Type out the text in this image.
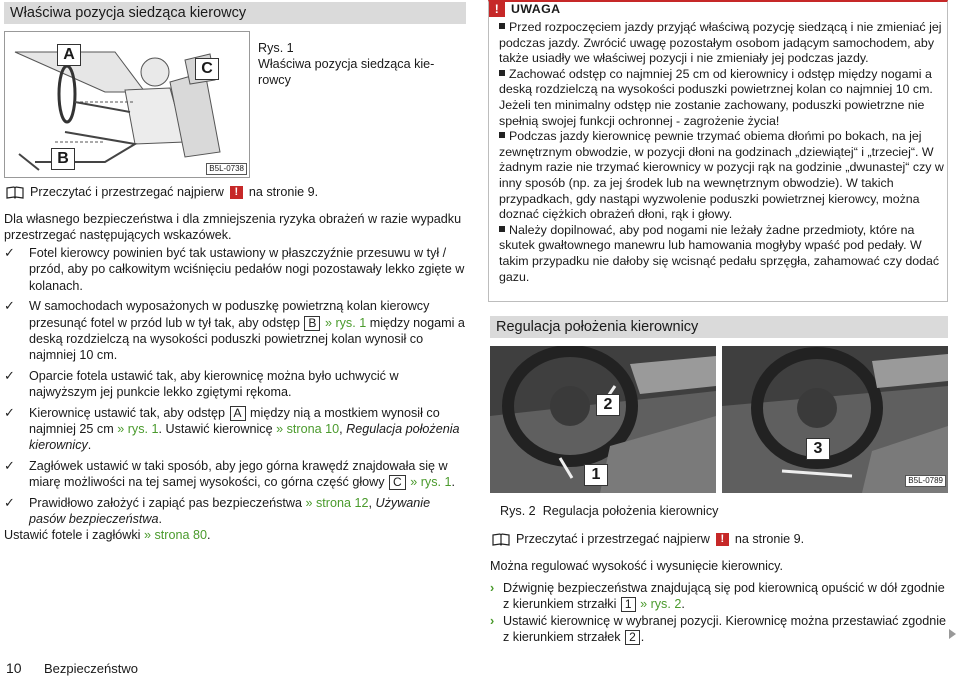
Właściwa pozycja siedząca kierowcy
A
C
B
B5L-0738
Rys. 1
Właściwa pozycja siedząca kie-rowcy
Przeczytać i przestrzegać najpierw ! na stronie 9.
Dla własnego bezpieczeństwa i dla zmniejszenia ryzyka obrażeń w razie wypadku przestrzegać następujących wskazówek.
✓ Fotel kierowcy powinien być tak ustawiony w płaszczyźnie przesuwu w tył / przód, aby po całkowitym wciśnięciu pedałów nogi pozostawały lekko zgięte w kolanach.
✓ W samochodach wyposażonych w poduszkę powietrzną kolan kierowcy przesunąć fotel w przód lub w tył tak, aby odstęp B » rys. 1 między nogami a deską rozdzielczą na wysokości poduszki powietrznej kolan wynosił co najmniej 10 cm.
✓ Oparcie fotela ustawić tak, aby kierownicę można było uchwycić w najwyższym jej punkcie lekko zgiętymi rękoma.
✓ Kierownicę ustawić tak, aby odstęp A między nią a mostkiem wynosił co najmniej 25 cm » rys. 1. Ustawić kierownicę » strona 10, Regulacja położenia kierownicy.
✓ Zagłówek ustawić w taki sposób, aby jego górna krawędź znajdowała się w miarę możliwości na tej samej wysokości, co górna część głowy C » rys. 1.
✓ Prawidłowo założyć i zapiąć pas bezpieczeństwa » strona 12, Używanie pasów bezpieczeństwa.
Ustawić fotele i zagłówki » strona 80.
10 Bezpieczeństwo
! UWAGA

Przed rozpoczęciem jazdy przyjąć właściwą pozycję siedzącą i nie zmieniać jej podczas jazdy. Zwrócić uwagę pozostałym osobom jadącym samochodem, aby także usiadły we właściwej pozycji i nie zmieniały jej podczas jazdy.

Zachować odstęp co najmniej 25 cm od kierownicy i odstęp między nogami a deską rozdzielczą na wysokości poduszki powietrznej kolan co najmniej 10 cm. Jeżeli ten minimalny odstęp nie zostanie zachowany, poduszki powietrzne nie spełnią swojej funkcji ochronnej - zagrożenie życia!

Podczas jazdy kierownicę pewnie trzymać obiema dłońmi po bokach, na jej zewnętrznym obwodzie, w pozycji dłoni na godzinach „dziewiątej“ i „trzeciej“. W żadnym razie nie trzymać kierownicy w pozycji rąk na godzinie „dwunastej“ czy w inny sposób (np. za jej środek lub na wewnętrznym obwodzie). W takich przypadkach, gdy nastąpi wyzwolenie poduszki powietrznej kierowcy, można doznać ciężkich obrażeń dłoni, rąk i głowy.

Należy dopilnować, aby pod nogami nie leżały żadne przedmioty, które na skutek gwałtownego manewru lub hamowania mogłyby wpaść pod pedały. W takim przypadku nie dałoby się wcisnąć pedału sprzęgła, zahamować czy dodać gazu.

Regulacja położenia kierownicy
1
2
3
B5L-0789
Rys. 2 Regulacja położenia kierownicy
Przeczytać i przestrzegać najpierw ! na stronie 9.
Można regulować wysokość i wysunięcie kierownicy.
› Dźwignię bezpieczeństwa znajdującą się pod kierownicą opuścić w dół zgodnie z kierunkiem strzałki 1 » rys. 2.
› Ustawić kierownicę w wybranej pozycji. Kierownicę można przestawiać zgodnie z kierunkiem strzałek 2 .
